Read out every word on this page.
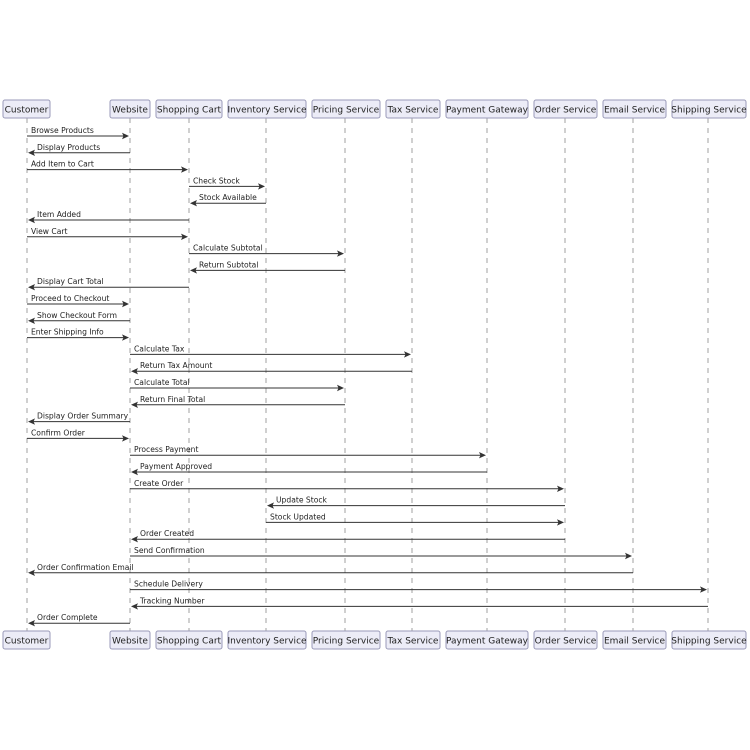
Customer	Website Shopping Cart Inventory Service Pricing Service Tax Service Payment Gateway Order Service Email Service Shipping Service
Customer	Website Shopping Cart Inventory Service Pricing Service Tax Service Payment Gateway Order Service Email Service Shipping Service
Browse Products
Display Products
Add Item to Cart
Check Stock
Stock Available
Item Added
View Cart
Calculate Subtotal
Return Subtotal
Display Cart Total
Proceed to Checkout
Show Checkout Form
Enter Shipping Info
Calculate Tax
Return Tax Amount
Calculate Total
Return Final Total
Display Order Summary
Confirm Order
Process Payment
Payment Approved
Create Order
Update Stock
Stock Updated
Order Created
Send Confirmation
Order Confirmation Email
Schedule Delivery
Tracking Number
Order Complete
